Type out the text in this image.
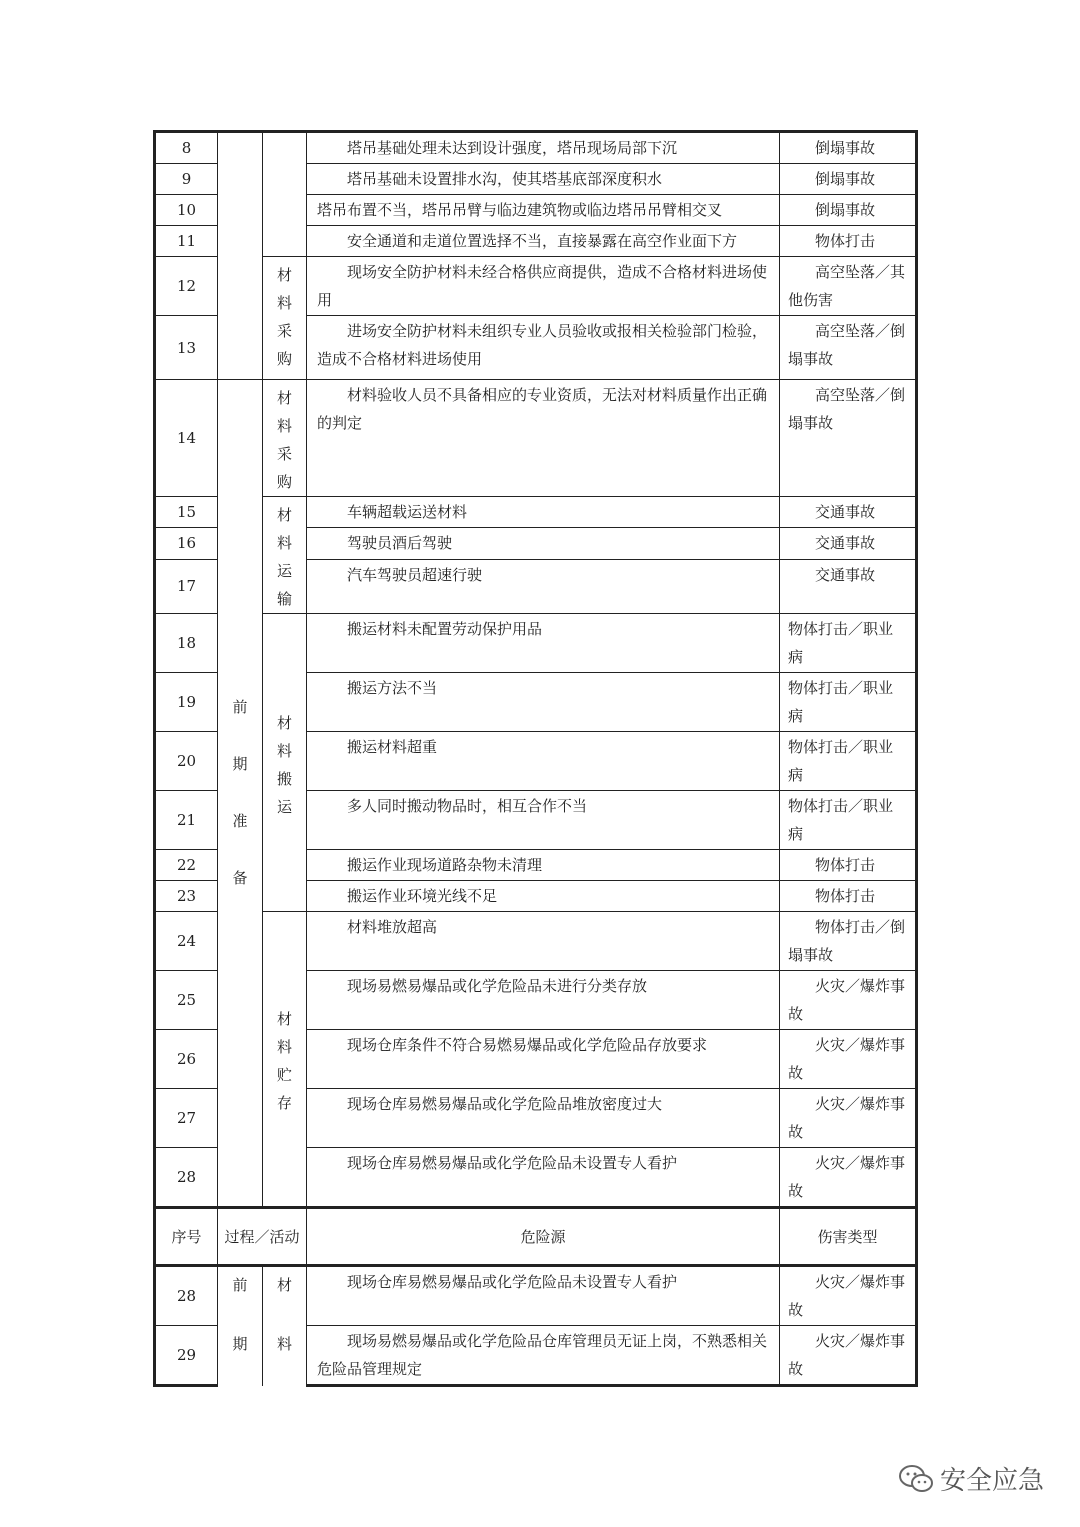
8			塔吊基础处理未达到设计强度，塔吊现场局部下沉	倒塌事故
9			塔吊基础未设置排水沟，使其塔基底部深度积水	倒塌事故
10			塔吊布置不当，塔吊吊臂与临边建筑物或临边塔吊吊臂相交叉	倒塌事故
11			安全通道和走道位置选择不当，直接暴露在高空作业面下方	物体打击
12		材料采购	现场安全防护材料未经合格供应商提供，造成不合格材料进场使用	高空坠落／其他伤害
13			进场安全防护材料未组织专业人员验收或报相关检验部门检验，造成不合格材料进场使用	高空坠落／倒塌事故
14	前期准备	材料采购	材料验收人员不具备相应的专业资质，无法对材料质量作出正确的判定	高空坠落／倒塌事故
15		材料运输	车辆超载运送材料	交通事故
16			驾驶员酒后驾驶	交通事故
17			汽车驾驶员超速行驶	交通事故
18		材料搬运	搬运材料未配置劳动保护用品	物体打击／职业病
19			搬运方法不当	物体打击／职业病
20			搬运材料超重	物体打击／职业病
21			多人同时搬动物品时，相互合作不当	物体打击／职业病
22			搬运作业现场道路杂物未清理	物体打击
23			搬运作业环境光线不足	物体打击
24		材料贮存	材料堆放超高	物体打击／倒塌事故
25			现场易燃易爆品或化学危险品未进行分类存放	火灾／爆炸事故
26			现场仓库条件不符合易燃易爆品或化学危险品存放要求	火灾／爆炸事故
27			现场仓库易燃易爆品或化学危险品堆放密度过大	火灾／爆炸事故
28			现场仓库易燃易爆品或化学危险品未设置专人看护	火灾／爆炸事故
序号	过程／活动		危险源	伤害类型
28	前	材	现场仓库易燃易爆品或化学危险品未设置专人看护	火灾／爆炸事故
29	期	料	现场易燃易爆品或化学危险品仓库管理员无证上岗，不熟悉相关危险品管理规定	火灾／爆炸事故
安全应急
